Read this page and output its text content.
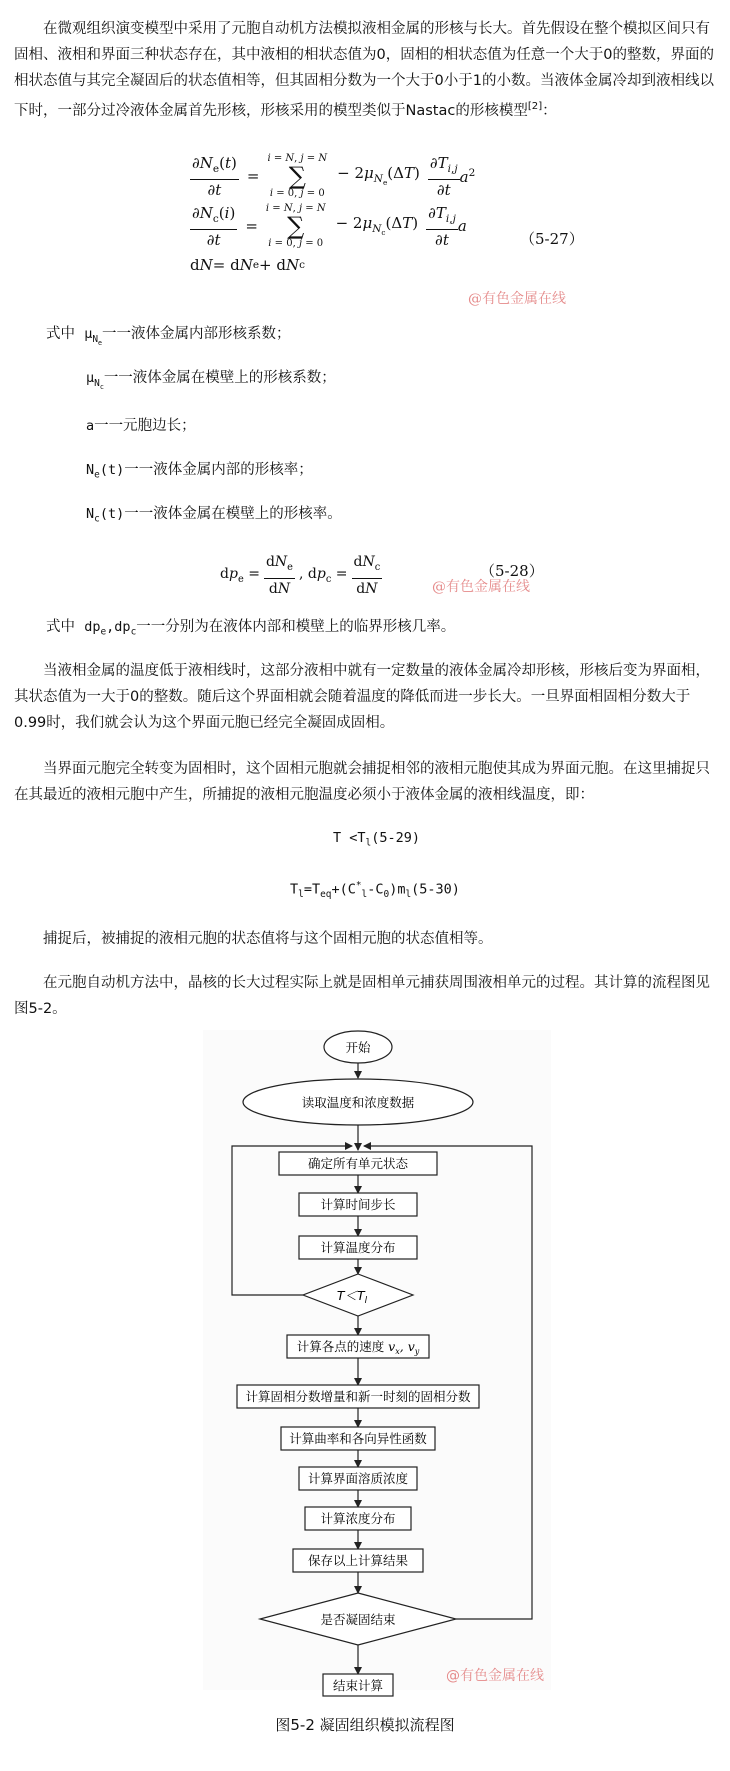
在微观组织演变模型中采用了元胞自动机方法模拟液相金属的形核与长大。首先假设在整个模拟区间只有固相、液相和界面三种状态存在，其中液相的相状态值为0，固相的相状态值为任意一个大于0的整数，界面的相状态值与其完全凝固后的状态值相等，但其固相分数为一个大于0小于1的小数。当液体金属冷却到液相线以下时，一部分过冷液体金属首先形核，形核采用的模型类似于Nastac的形核模型[2]：

$\frac{\partial N_e(t)}{\partial t}$ =
i = N, j = N
∑
i = 0, j = 0
− $2\mu_{N_e}(\Delta T) \frac{\partial T_{i,j}}{\partial t} a^2$
$\frac{\partial N_c(i)}{\partial t}$ =
i = N, j = N
∑
i = 0, j = 0
− $2\mu_{N_c}(\Delta T) \frac{\partial T_{i,j}}{\partial t}$ a
d N = d N e + d N c
（5-27）
@有色金属在线
式中 $\mu_{N_e}$一一液体金属内部形核系数；
$\mu_{N_c}$一一液体金属在模壁上的形核系数；
a一一元胞边长；
$N_e(t)$一一液体金属内部的形核率；
$N_c(t)$一一液体金属在模壁上的形核率。
$dp_e = \frac{dN_e}{dN}$ , $dp_c = \frac{dN_c}{dN}$	（5-28）
@有色金属在线
式中 $dp_e,dp_c$一一分别为在液体内部和模壁上的临界形核几率。

当液相金属的温度低于液相线时，这部分液相中就有一定数量的液体金属冷却形核，形核后变为界面相，其状态值为一大于0的整数。随后这个界面相就会随着温度的降低而进一步长大。一旦界面相固相分数大于0.99时，我们就会认为这个界面元胞已经完全凝固成固相。

当界面元胞完全转变为固相时，这个固相元胞就会捕捉相邻的液相元胞使其成为界面元胞。在这里捕捉只在其最近的液相元胞中产生，所捕捉的液相元胞温度必须小于液体金属的液相线温度，即：

$T <T_l(5-29)$
$T_l=T_{eq}+(C^*_l-C_0)m_l(5-30)$

捕捉后，被捕捉的液相元胞的状态值将与这个固相元胞的状态值相等。

在元胞自动机方法中，晶核的长大过程实际上就是固相单元捕获周围液相单元的过程。其计算的流程图见图5-2。

开始
读取温度和浓度数据
确定所有单元状态
计算时间步长
计算温度分布
$T<T_l$
计算各点的速度 $v_x$, $v_y$
计算固相分数增量和新一时刻的固相分数
计算曲率和各向异性函数
计算界面溶质浓度
计算浓度分布
保存以上计算结果
是否凝固结束
结束计算
@有色金属在线
图5-2 凝固组织模拟流程图
